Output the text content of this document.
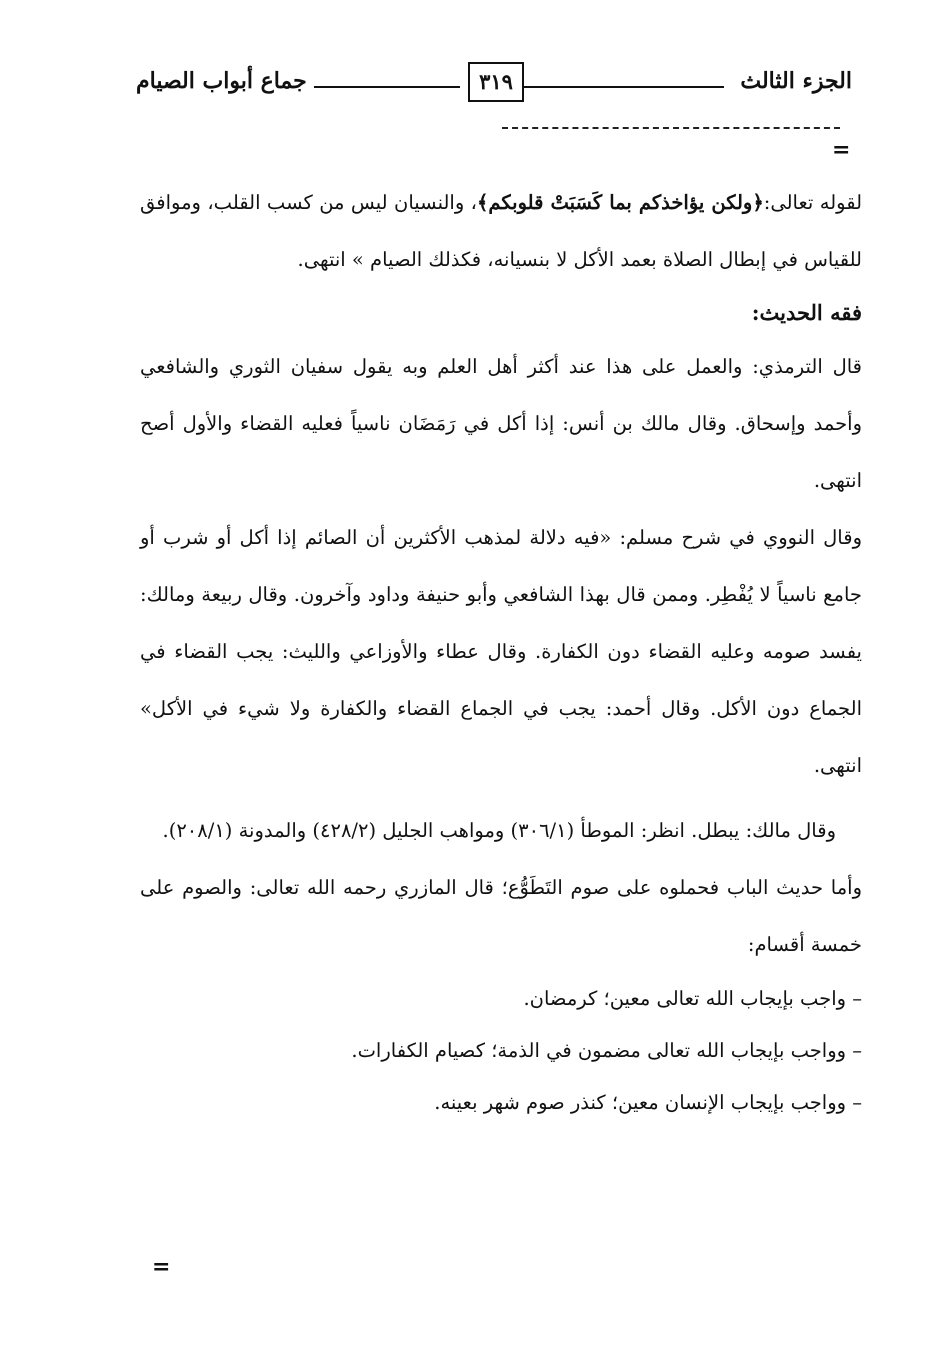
الجزء الثالث
٣١٩
جماع أبواب الصيام
=

لقوله تعالى:﴿ولكن يؤاخذكم بما كَسَبَتْ قلوبكم﴾، والنسيان ليس من كسب القلب، وموافق للقياس في إبطال الصلاة بعمد الأكل لا بنسيانه، فكذلك الصيام » انتهى.

فقه الحديث:

قال الترمذي: والعمل على هذا عند أكثر أهل العلم وبه يقول سفيان الثوري والشافعي وأحمد وإسحاق. وقال مالك بن أنس: إذا أكل في رَمَضَان ناسياً فعليه القضاء والأول أصح انتهى.

وقال النووي في شرح مسلم: «فيه دلالة لمذهب الأكثرين أن الصائم إذا أكل أو شرب أو جامع ناسياً لا يُفْطِر. وممن قال بهذا الشافعي وأبو حنيفة وداود وآخرون. وقال ربيعة ومالك: يفسد صومه وعليه القضاء دون الكفارة. وقال عطاء والأوزاعي والليث: يجب القضاء في الجماع دون الأكل. وقال أحمد: يجب في الجماع القضاء والكفارة ولا شيء في الأكل» انتهى.

وقال مالك: يبطل. انظر: الموطأ (٣٠٦/١) ومواهب الجليل (٤٢٨/٢) والمدونة (٢٠٨/١).

وأما حديث الباب فحملوه على صوم التَطَوُّع؛ قال المازري رحمه الله تعالى: والصوم على خمسة أقسام:

– واجب بإيجاب الله تعالى معين؛ كرمضان.

– وواجب بإيجاب الله تعالى مضمون في الذمة؛ كصيام الكفارات.

– وواجب بإيجاب الإنسان معين؛ كنذر صوم شهر بعينه.

=
